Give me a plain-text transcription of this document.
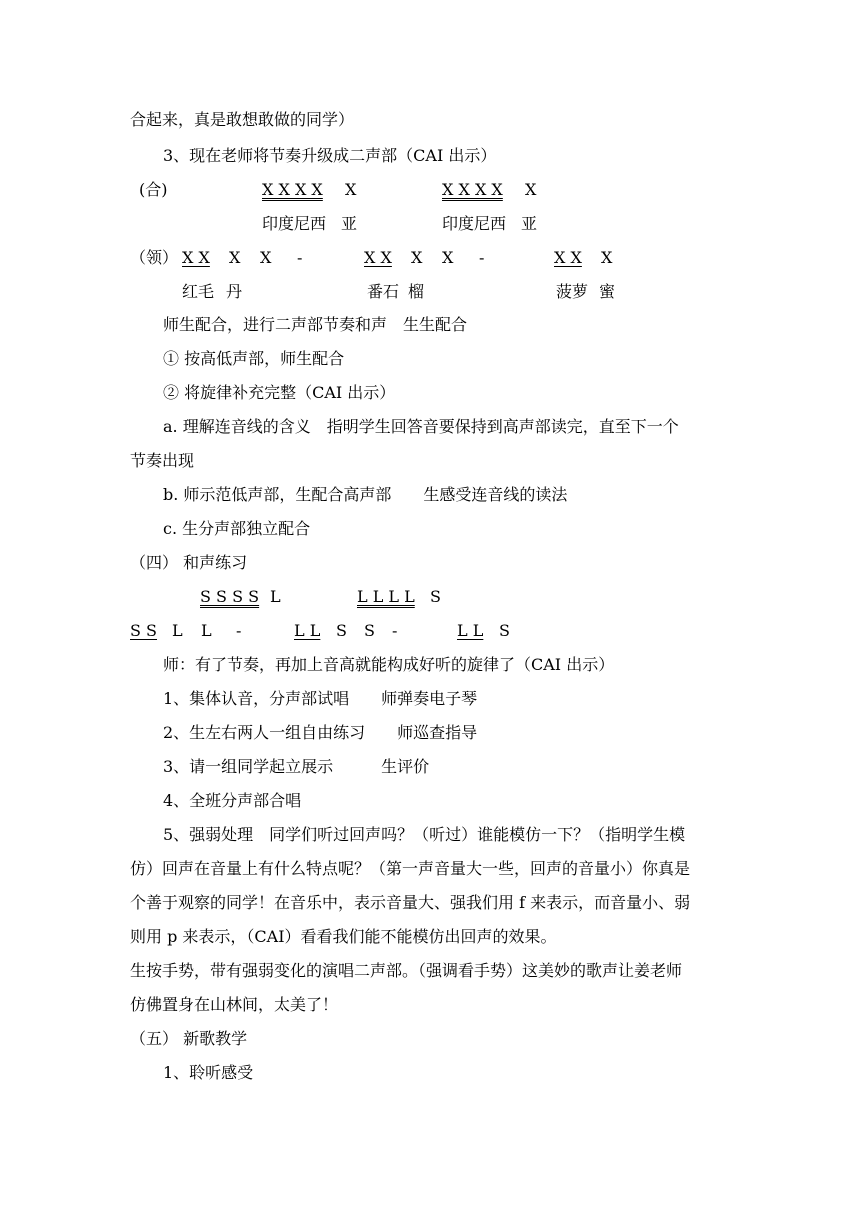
合起来，真是敢想敢做的同学）
3、现在老师将节奏升级成二声部（CAI 出示）
(合)	X X X X X	X X X X X
印度尼西 亚	印度尼西 亚
（领） X X X X -	X X X X -	X X X
红毛 丹	番石 榴	菠萝 蜜
师生配合，进行二声部节奏和声　生生配合
① 按高低声部，师生配合
② 将旋律补充完整（CAI 出示）
a. 理解连音线的含义　指明学生回答音要保持到高声部读完，直至下一个
节奏出现
b. 师示范低声部，生配合高声部　　生感受连音线的读法
c. 生分声部独立配合
（四） 和声练习
S S S S L	L L L L S
S S L L -	L L S S -	L L S
师：有了节奏，再加上音高就能构成好听的旋律了（CAI 出示）
1、集体认音，分声部试唱　　师弹奏电子琴
2、生左右两人一组自由练习　　师巡查指导
3、请一组同学起立展示　　　生评价
4、全班分声部合唱
5、强弱处理　同学们听过回声吗？（听过）谁能模仿一下？（指明学生模
仿）回声在音量上有什么特点呢？（第一声音量大一些，回声的音量小）你真是
个善于观察的同学！在音乐中，表示音量大、强我们用 f 来表示，而音量小、弱
则用 p 来表示，（CAI）看看我们能不能模仿出回声的效果。
生按手势，带有强弱变化的演唱二声部。（强调看手势）这美妙的歌声让姜老师
仿佛置身在山林间，太美了！
（五） 新歌教学
1、聆听感受
